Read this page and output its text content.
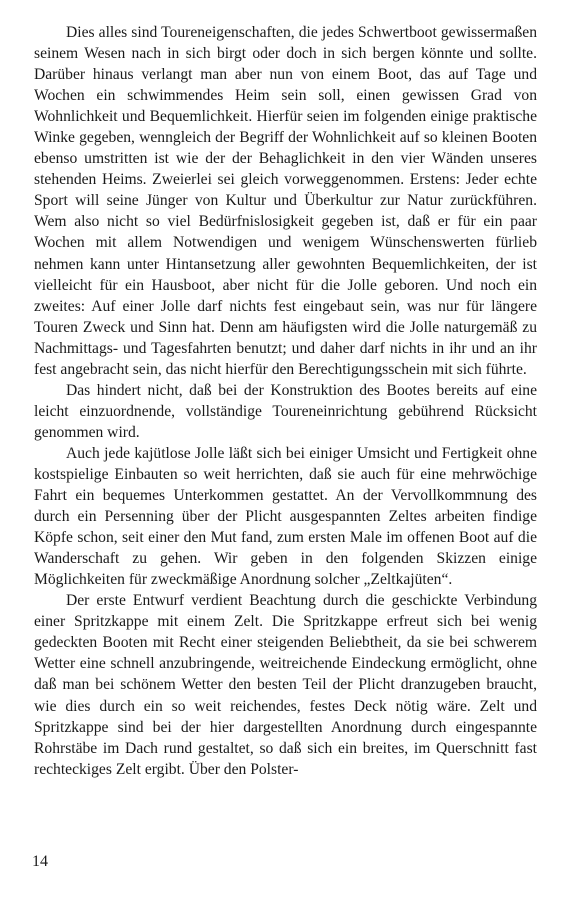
Dies alles sind Toureneigenschaften, die jedes Schwertboot gewissermaßen seinem Wesen nach in sich birgt oder doch in sich bergen könnte und sollte. Darüber hinaus verlangt man aber nun von einem Boot, das auf Tage und Wochen ein schwimmendes Heim sein soll, einen gewissen Grad von Wohnlichkeit und Bequemlichkeit. Hierfür seien im folgenden einige praktische Winke gegeben, wenngleich der Begriff der Wohnlichkeit auf so kleinen Booten ebenso umstritten ist wie der der Behaglichkeit in den vier Wänden unseres stehenden Heims. Zweierlei sei gleich vorweggenommen. Erstens: Jeder echte Sport will seine Jünger von Kultur und Überkultur zur Natur zurückführen. Wem also nicht so viel Bedürfnislosigkeit gegeben ist, daß er für ein paar Wochen mit allem Notwendigen und wenigem Wünschenswerten fürlieb nehmen kann unter Hintansetzung aller gewohnten Bequemlichkeiten, der ist vielleicht für ein Hausboot, aber nicht für die Jolle geboren. Und noch ein zweites: Auf einer Jolle darf nichts fest eingebaut sein, was nur für längere Touren Zweck und Sinn hat. Denn am häufigsten wird die Jolle naturgemäß zu Nachmittags- und Tagesfahrten benutzt; und daher darf nichts in ihr und an ihr fest angebracht sein, das nicht hierfür den Berechtigungsschein mit sich führte.

Das hindert nicht, daß bei der Konstruktion des Bootes bereits auf eine leicht einzuordnende, vollständige Toureneinrichtung gebührend Rücksicht genommen wird.

Auch jede kajütlose Jolle läßt sich bei einiger Umsicht und Fertigkeit ohne kostspielige Einbauten so weit herrichten, daß sie auch für eine mehrwöchige Fahrt ein bequemes Unterkommen gestattet. An der Vervollkommnung des durch ein Persenning über der Plicht ausgespannten Zeltes arbeiten findige Köpfe schon, seit einer den Mut fand, zum ersten Male im offenen Boot auf die Wanderschaft zu gehen. Wir geben in den folgenden Skizzen einige Möglichkeiten für zweckmäßige Anordnung solcher „Zeltkajüten“.

Der erste Entwurf verdient Beachtung durch die geschickte Verbindung einer Spritzkappe mit einem Zelt. Die Spritzkappe erfreut sich bei wenig gedeckten Booten mit Recht einer steigenden Beliebtheit, da sie bei schwerem Wetter eine schnell anzubringende, weitreichende Eindeckung ermöglicht, ohne daß man bei schönem Wetter den besten Teil der Plicht dranzugeben braucht, wie dies durch ein so weit reichendes, festes Deck nötig wäre. Zelt und Spritzkappe sind bei der hier dargestellten Anordnung durch eingespannte Rohrstäbe im Dach rund gestaltet, so daß sich ein breites, im Querschnitt fast rechteckiges Zelt ergibt. Über den Polster-

14
